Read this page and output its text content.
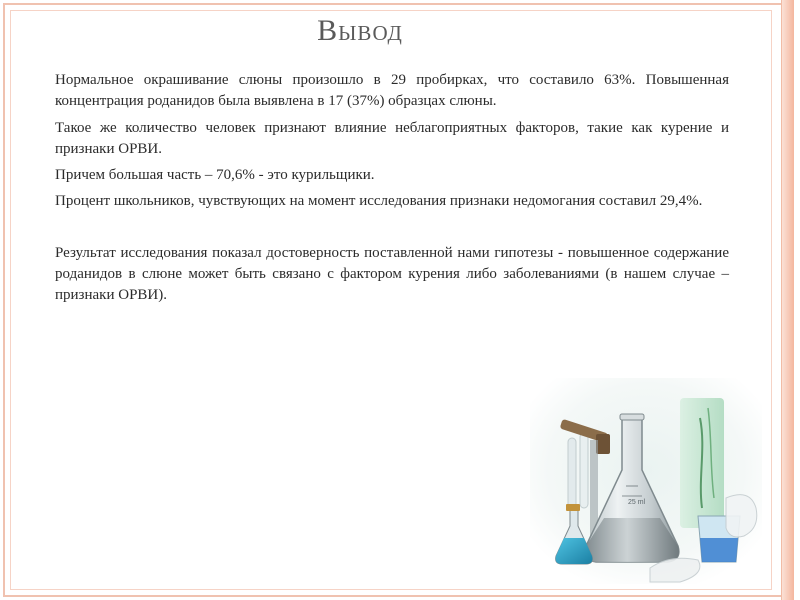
Вывод

Нормальное окрашивание слюны произошло в 29 пробирках, что составило 63%. Повышенная концентрация роданидов была выявлена в 17 (37%) образцах слюны.

Такое же количество человек признают влияние неблагоприятных факторов, такие как курение и признаки ОРВИ.

Причем большая часть – 70,6% - это курильщики.

Процент школьников, чувствующих на момент исследования признаки недомогания составил 29,4%.

Результат исследования показал достоверность поставленной нами гипотезы - повышенное содержание роданидов в слюне может быть связано с фактором курения либо заболеваниями (в нашем случае – признаки ОРВИ).

25 ml
